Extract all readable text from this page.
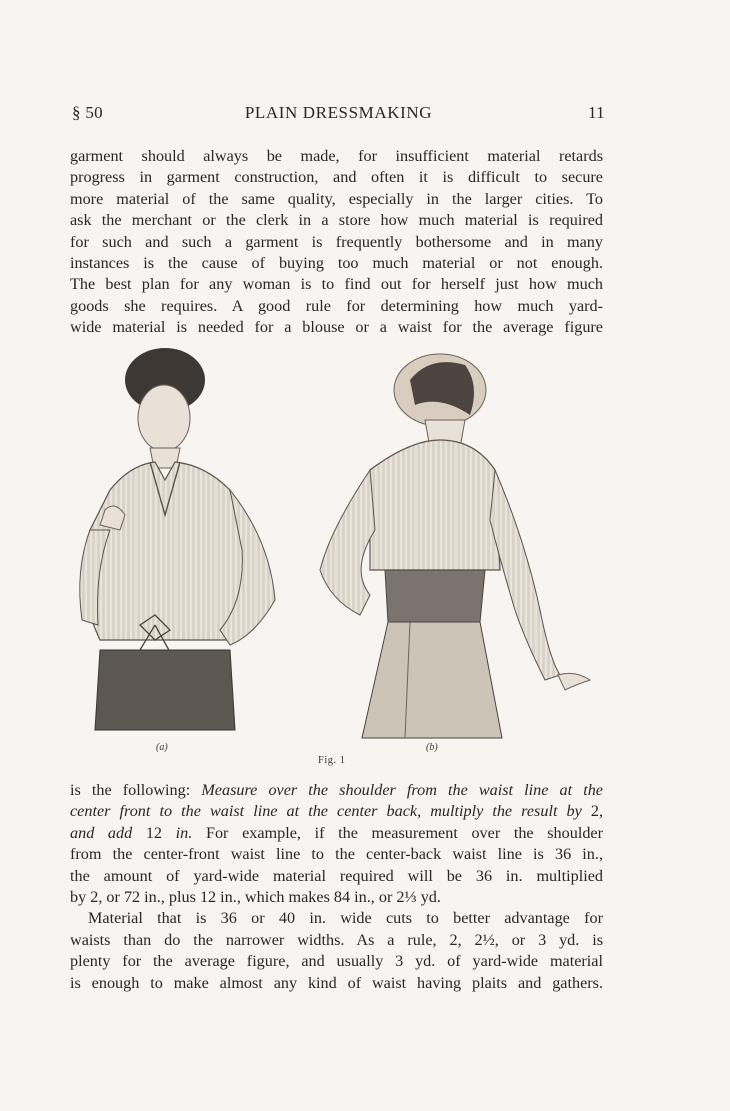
§ 50	PLAIN DRESSMAKING	11
garment should always be made, for insufficient material retards
progress in garment construction, and often it is difficult to secure
more material of the same quality, especially in the larger cities. To
ask the merchant or the clerk in a store how much material is required
for such and such a garment is frequently bothersome and in many
instances is the cause of buying too much material or not enough.
The best plan for any woman is to find out for herself just how much
goods she requires. A good rule for determining how much yard-
wide material is needed for a blouse or a waist for the average figure
(a)	(b)
Fig. 1
is the following: Measure over the shoulder from the waist line at the
center front to the waist line at the center back, multiply the result by 2,
and add 12 in. For example, if the measurement over the shoulder
from the center-front waist line to the center-back waist line is 36 in.,
the amount of yard-wide material required will be 36 in. multiplied
by 2, or 72 in., plus 12 in., which makes 84 in., or 2⅓ yd.
Material that is 36 or 40 in. wide cuts to better advantage for
waists than do the narrower widths. As a rule, 2, 2½, or 3 yd. is
plenty for the average figure, and usually 3 yd. of yard-wide material
is enough to make almost any kind of waist having plaits and gathers.
